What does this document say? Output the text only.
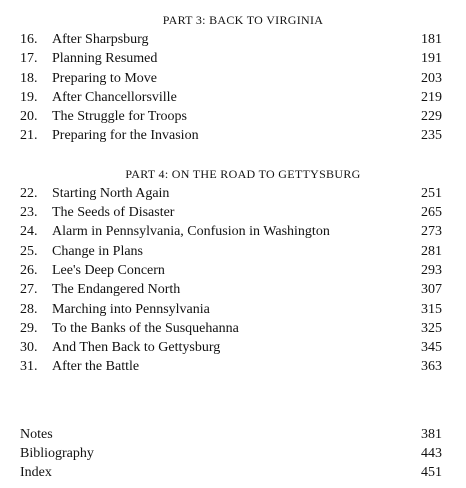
PART 3: BACK TO VIRGINIA
16.	After Sharpsburg	181
17.	Planning Resumed	191
18.	Preparing to Move	203
19.	After Chancellorsville	219
20.	The Struggle for Troops	229
21.	Preparing for the Invasion	235
PART 4: ON THE ROAD TO GETTYSBURG
22.	Starting North Again	251
23.	The Seeds of Disaster	265
24.	Alarm in Pennsylvania, Confusion in Washington	273
25.	Change in Plans	281
26.	Lee's Deep Concern	293
27.	The Endangered North	307
28.	Marching into Pennsylvania	315
29.	To the Banks of the Susquehanna	325
30.	And Then Back to Gettysburg	345
31.	After the Battle	363
Notes	381
Bibliography	443
Index	451
